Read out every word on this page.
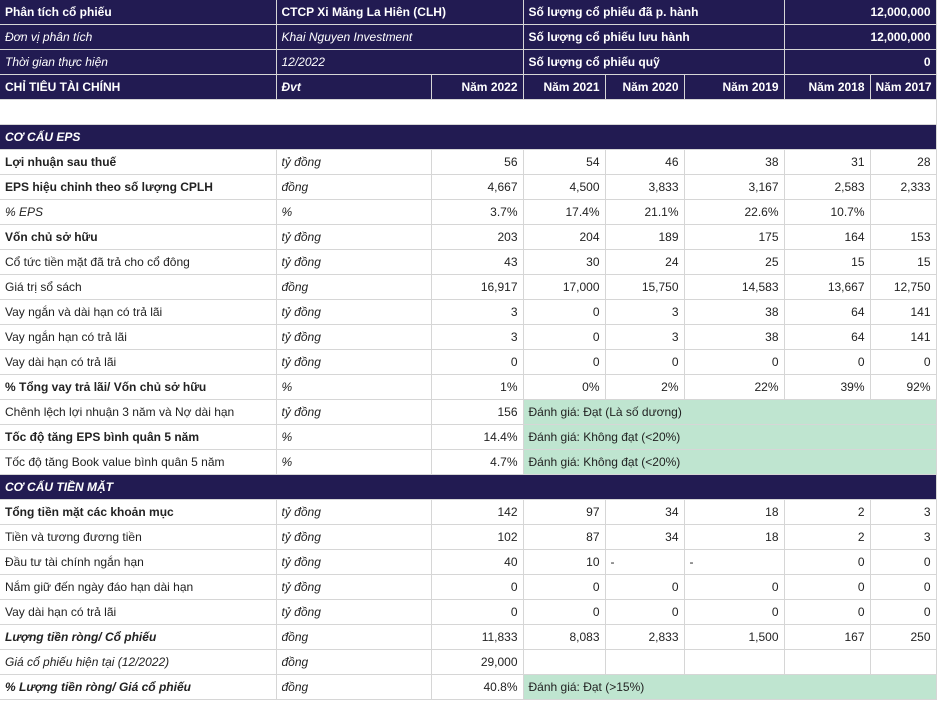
Phân tích cổ phiếu	CTCP Xi Măng La Hiên (CLH)		Số lượng cổ phiếu đã p. hành			12,000,000	
Đơn vị phân tích	Khai Nguyen Investment		Số lượng cổ phiếu lưu hành			12,000,000	
Thời gian thực hiện	12/2022		Số lượng cổ phiếu quỹ			0	
CHỈ TIÊU TÀI CHÍNH	Đvt	Năm 2022	Năm 2021	Năm 2020	Năm 2019	Năm 2018	Năm 2017

CƠ CẤU EPS							
Lợi nhuận sau thuế	tỷ đồng	56	54	46	38	31	28
EPS hiệu chỉnh theo số lượng CPLH	đồng	4,667	4,500	3,833	3,167	2,583	2,333
% EPS	%	3.7%	17.4%	21.1%	22.6%	10.7%	
Vốn chủ sở hữu	tỷ đồng	203	204	189	175	164	153
Cổ tức tiền mặt đã trả cho cổ đông	tỷ đồng	43	30	24	25	15	15
Giá trị sổ sách	đồng	16,917	17,000	15,750	14,583	13,667	12,750
Vay ngắn và dài hạn có trả lãi	tỷ đồng	3	0	3	38	64	141
Vay ngắn hạn có trả lãi	tỷ đồng	3	0	3	38	64	141
Vay dài hạn có trả lãi	tỷ đồng	0	0	0	0	0	0
% Tổng vay trả lãi/ Vốn chủ sở hữu	%	1%	0%	2%	22%	39%	92%
Chênh lệch lợi nhuận 3 năm và Nợ dài hạn	tỷ đồng	156	Đánh giá: Đạt (Là số dương)				
Tốc độ tăng EPS bình quân 5 năm	%	14.4%	Đánh giá: Không đạt (<20%)				
Tốc độ tăng Book value bình quân 5 năm	%	4.7%	Đánh giá: Không đạt (<20%)				
CƠ CẤU TIỀN MẶT							
Tổng tiền mặt các khoản mục	tỷ đồng	142	97	34	18	2	3
Tiền và tương đương tiền	tỷ đồng	102	87	34	18	2	3
Đầu tư tài chính ngắn hạn	tỷ đồng	40	10	-	-	0	0
Nắm giữ đến ngày đáo hạn dài hạn	tỷ đồng	0	0	0	0	0	0
Vay dài hạn có trả lãi	tỷ đồng	0	0	0	0	0	0
Lượng tiền ròng/ Cổ phiếu	đồng	11,833	8,083	2,833	1,500	167	250
Giá cổ phiếu hiện tại (12/2022)	đồng	29,000					
% Lượng tiền ròng/ Giá cổ phiếu	đồng	40.8%	Đánh giá: Đạt (>15%)				
